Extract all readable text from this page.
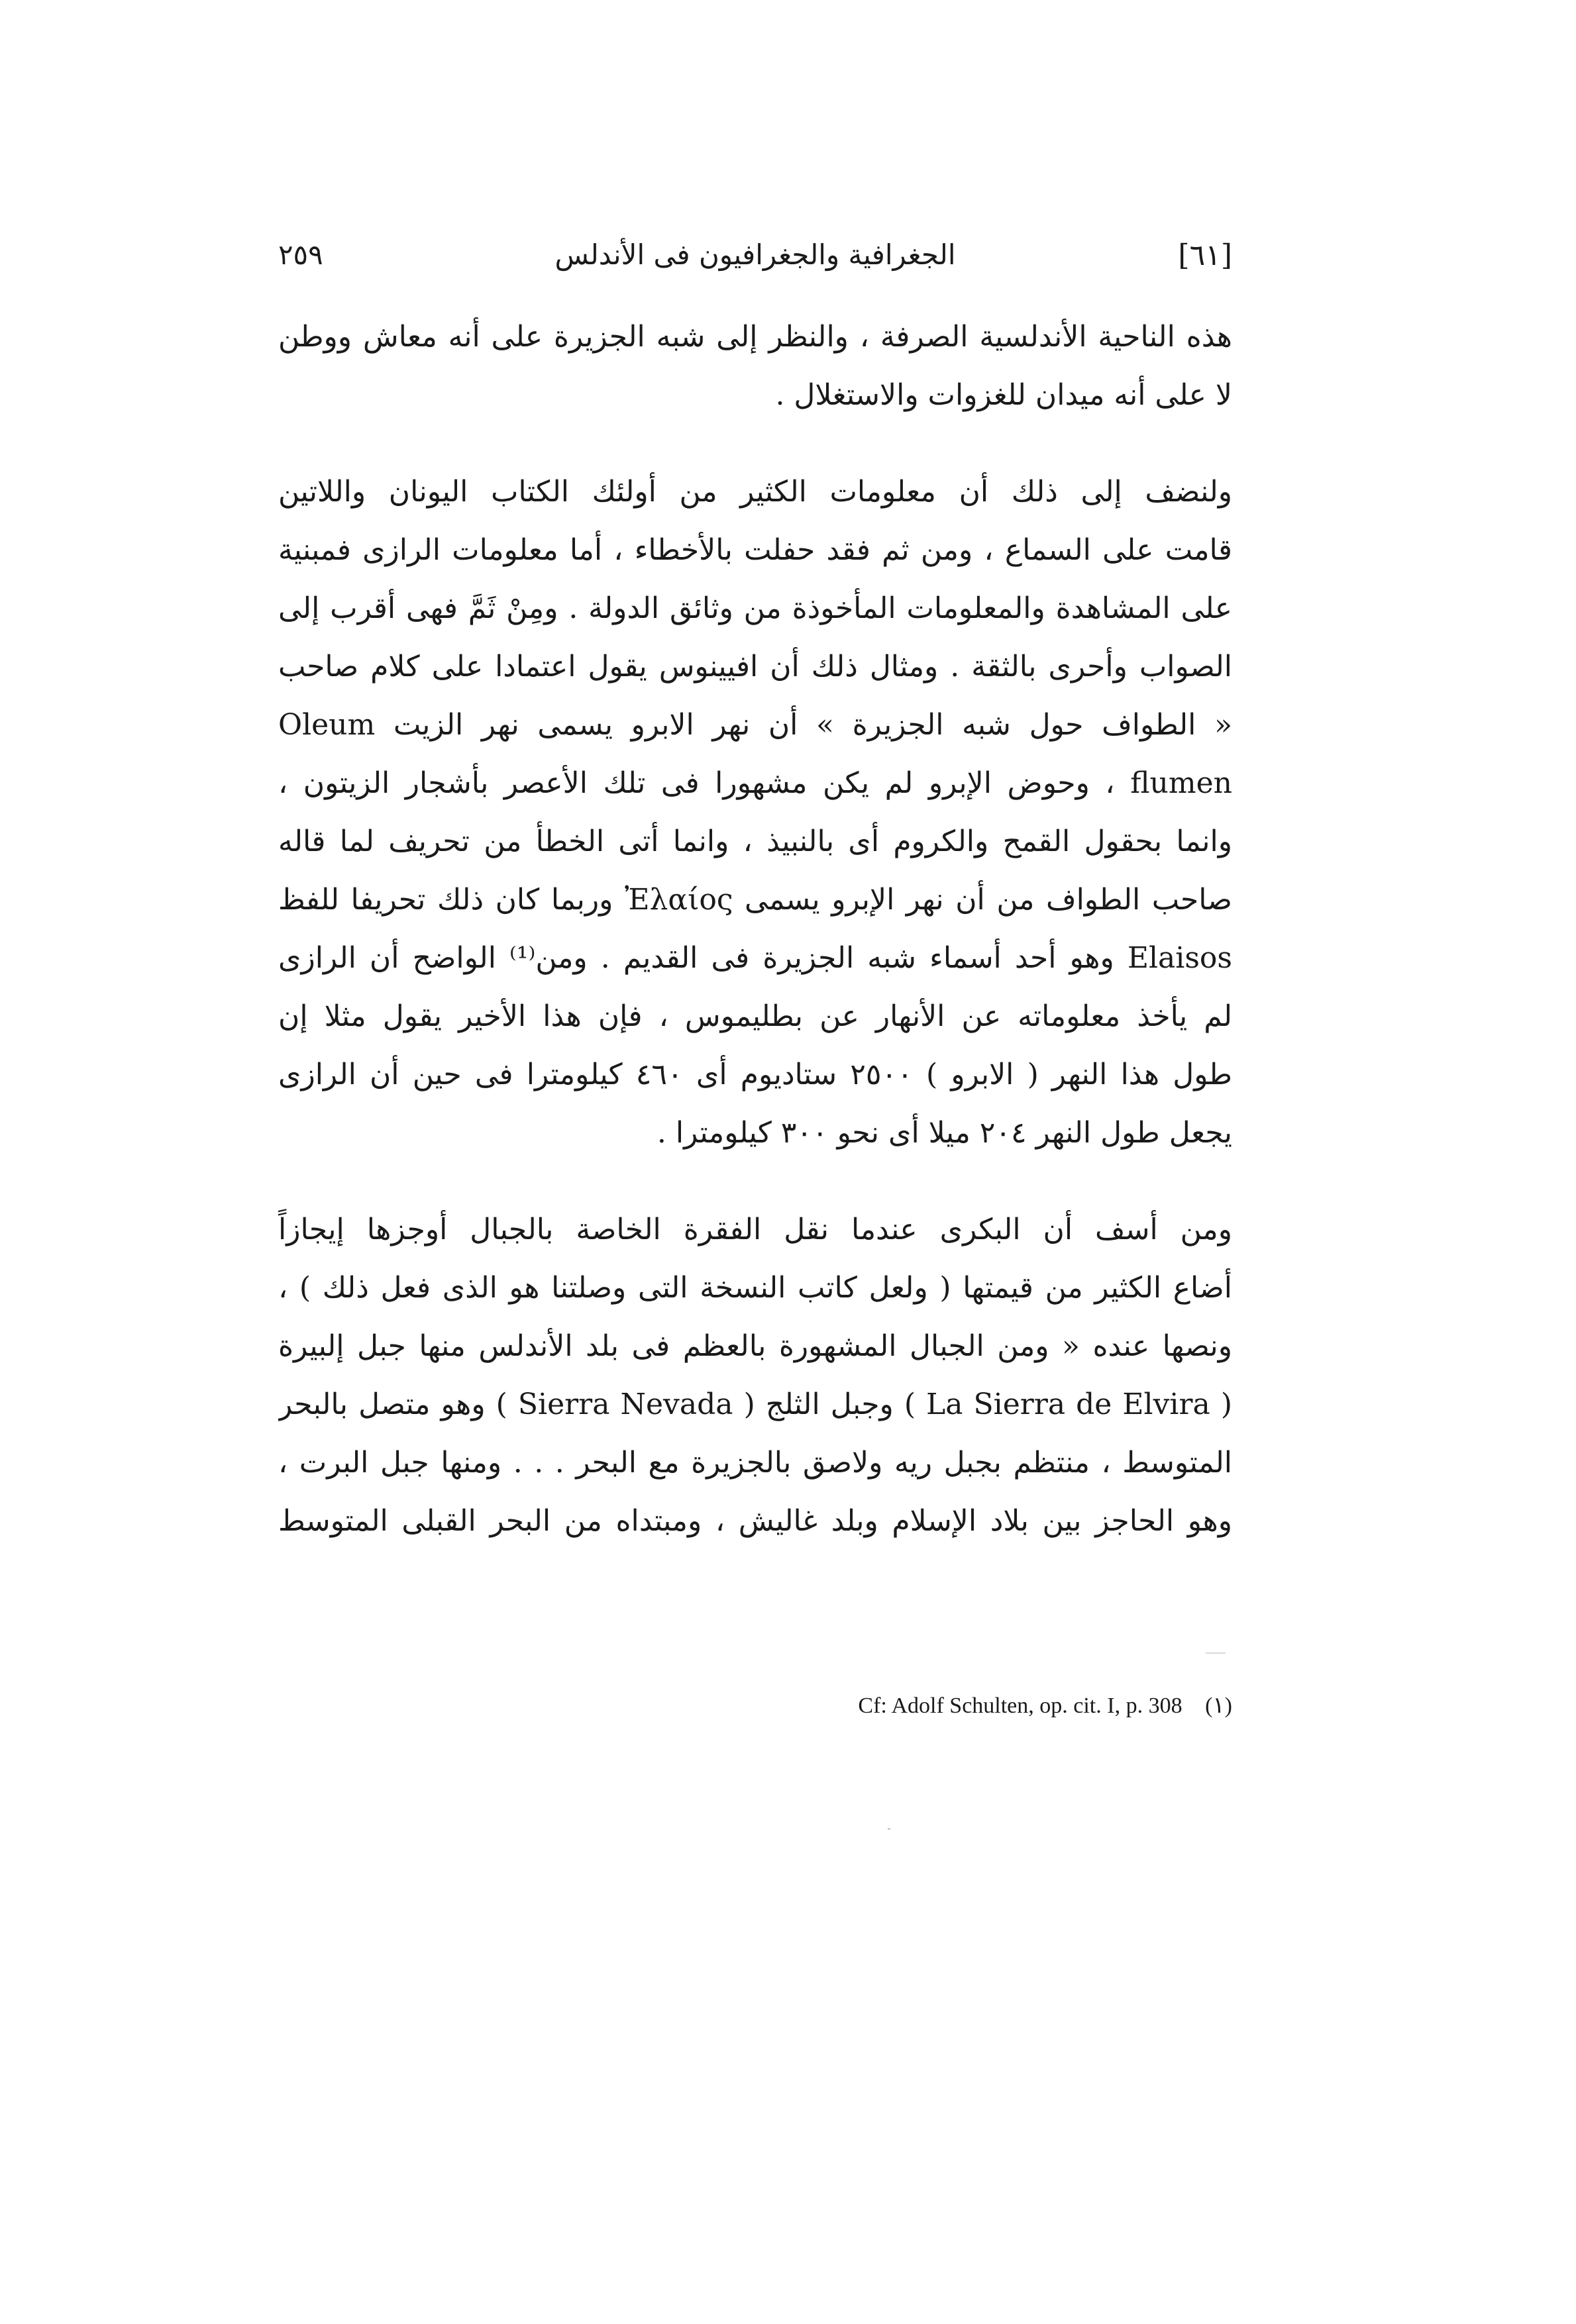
[٦١]
الجغرافية والجغرافيون فى الأندلس
٢٥٩
هذه الناحية الأندلسية الصرفة ، والنظر إلى شبه الجزيرة على أنه معاش ووطن
لا على أنه ميدان للغزوات والاستغلال .
ولنضف إلى ذلك أن معلومات الكثير من أولئك الكتاب اليونان واللاتين
قامت على السماع ، ومن ثم فقد حفلت بالأخطاء ، أما معلومات الرازى فمبنية
على المشاهدة والمعلومات المأخوذة من وثائق الدولة . ومِنْ ثَمَّ فهى أقرب إلى
الصواب وأحرى بالثقة . ومثال ذلك أن افيينوس يقول اعتمادا على كلام صاحب
« الطواف حول شبه الجزيرة » أن نهر الابرو يسمى نهر الزيت Oleum
flumen ، وحوض الإبرو لم يكن مشهورا فى تلك الأعصر بأشجار الزيتون ،
وانما بحقول القمح والكروم أى بالنبيذ ، وانما أتى الخطأ من تحريف لما قاله
صاحب الطواف من أن نهر الإبرو يسمى Ἐλαίος وربما كان ذلك تحريفا للفظ
Elaisos وهو أحد أسماء شبه الجزيرة فى القديم . ومن⁽¹⁾ الواضح أن الرازى
لم يأخذ معلوماته عن الأنهار عن بطليموس ، فإن هذا الأخير يقول مثلا إن
طول هذا النهر ( الابرو ) ٢٥٠٠ ستاديوم أى ٤٦٠ كيلومترا فى حين أن الرازى
يجعل طول النهر ٢٠٤ ميلا أى نحو ٣٠٠ كيلومترا .
ومن أسف أن البكرى عندما نقل الفقرة الخاصة بالجبال أوجزها إيجازاً
أضاع الكثير من قيمتها ( ولعل كاتب النسخة التى وصلتنا هو الذى فعل ذلك ) ،
ونصها عنده « ومن الجبال المشهورة بالعظم فى بلد الأندلس منها جبل إلبيرة
( La Sierra de Elvira ) وجبل الثلج ( Sierra Nevada ) وهو متصل بالبحر
المتوسط ، منتظم بجبل ريه ولاصق بالجزيرة مع البحر . . . ومنها جبل البرت ،
وهو الحاجز بين بلاد الإسلام وبلد غاليش ، ومبتداه من البحر القبلى المتوسط
(١) Cf: Adolf Schulten, op. cit. I, p. 308
